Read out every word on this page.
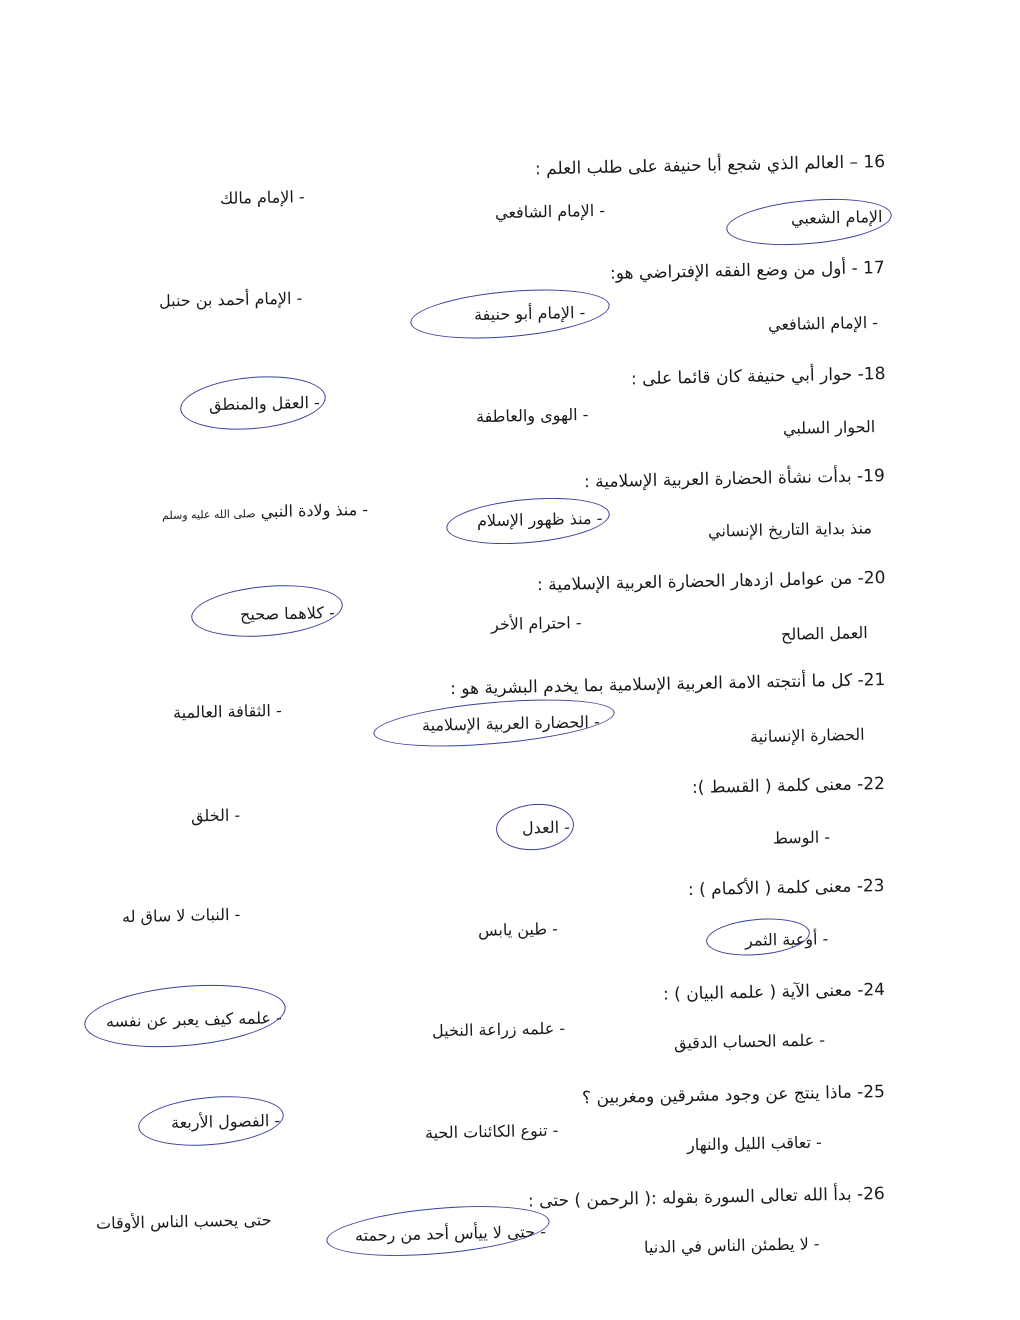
16 – العالم الذي شجع أبا حنيفة على طلب العلم :
الإمام الشعبي
- الإمام الشافعي
- الإمام مالك
17 - أول من وضع الفقه الإفتراضي هو:
- الإمام الشافعي
- الإمام أبو حنيفة
- الإمام أحمد بن حنبل
18- حوار أبي حنيفة كان قائما على :
الحوار السلبي
- الهوى والعاطفة
- العقل والمنطق
19- بدأت نشأة الحضارة العربية الإسلامية :
منذ بداية التاريخ الإنساني
- منذ ظهور الإسلام
- منذ ولادة النبي صلى الله عليه وسلم
20- من عوامل ازدهار الحضارة العربية الإسلامية :
العمل الصالح
- احترام الأخر
- كلاهما صحيح
21- كل ما أنتجته الامة العربية الإسلامية بما يخدم البشرية هو :
الحضارة الإنسانية
- الحضارة العربية الإسلامية
- الثقافة العالمية
22- معنى كلمة ( القسط ):
- الوسط
- العدل
- الخلق
23- معنى كلمة ( الأكمام ) :
- أوعية الثمر
- طين يابس
- النبات لا ساق له
24- معنى الآية ( علمه البيان ) :
- علمه الحساب الدقيق
- علمه زراعة النخيل
- علمه كيف يعبر عن نفسه
25- ماذا ينتج عن وجود مشرقين ومغربين ؟
- تعاقب الليل والنهار
- تنوع الكائنات الحية
- الفصول الأربعة
26- بدأ الله تعالى السورة بقوله :( الرحمن ) حتى :
- لا يطمئن الناس في الدنيا
- حتى لا ييأس أحد من رحمته
حتى يحسب الناس الأوقات
